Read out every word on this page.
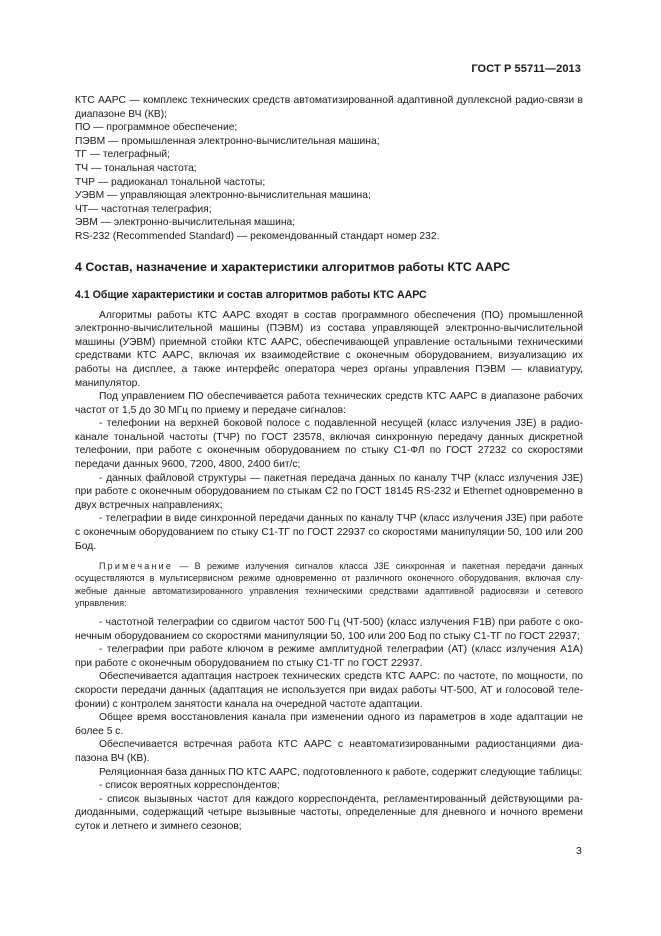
ГОСТ Р 55711—2013

КТС ААРС — комплекс технических средств автоматизированной адаптивной дуплексной радио-связи в диапазоне ВЧ (КВ);

ПО — программное обеспечение;

ПЭВМ — промышленная электронно-вычислительная машина;

ТГ — телеграфный;

ТЧ — тональная частота;

ТЧР — радиоканал тональной частоты;

УЭВМ — управляющая электронно-вычислительная машина;

ЧТ— частотная телеграфия;

ЭВМ — электронно-вычислительная машина;

RS-232 (Recommended Standard) — рекомендованный стандарт номер 232.

4 Состав, назначение и характеристики алгоритмов работы КТС ААРС
4.1 Общие характеристики и состав алгоритмов работы КТС ААРС

Алгоритмы работы КТС ААРС входят в состав программного обеспечения (ПО) промышленной электронно-вычислительной машины (ПЭВМ) из состава управляющей электронно-вычислительной машины (УЭВМ) приемной стойки КТС ААРС, обеспечивающей управление остальными техническими средствами КТС ААРС, включая их взаимодействие с оконечным оборудованием, визуализацию их работы на дисплее, а также интерфейс оператора через органы управления ПЭВМ — клавиатуру, манипулятор.

Под управлением ПО обеспечивается работа технических средств КТС ААРС в диапазоне рабочих частот от 1,5 до 30 МГц по приему и передаче сигналов:

- телефонии на верхней боковой полосе с подавленной несущей (класс излучения J3E) в радиоканале тональной частоты (ТЧР) по ГОСТ 23578, включая синхронную передачу данных дискретной телефонии, при работе с оконечным оборудованием по стыку С1-ФЛ по ГОСТ 27232 со скоростями передачи данных 9600, 7200, 4800, 2400 бит/с;

- данных файловой структуры — пакетная передача данных по каналу ТЧР (класс излучения J3E) при работе с оконечным оборудованием по стыкам С2 по ГОСТ 18145 RS-232 и Ethernet одновременно в двух встречных направлениях;

- телеграфии в виде синхронной передачи данных по каналу ТЧР (класс излучения J3E) при работе с оконечным оборудованием по стыку С1-ТГ по ГОСТ 22937 со скоростями манипуляции 50, 100 или 200 Бод.

Примечание — В режиме излучения сигналов класса J3E синхронная и пакетная передачи данных осуществляются в мультисервисном режиме одновременно от различного оконечного оборудования, включая служебные данные автоматизированного управления техническими средствами адаптивной радиосвязи и сетевого управления:

- частотной телеграфии со сдвигом частот 500 Гц (ЧТ-500) (класс излучения F1B) при работе с оконечным оборудованием со скоростями манипуляции 50, 100 или 200 Бод по стыку С1-ТГ по ГОСТ 22937;

- телеграфии при работе ключом в режиме амплитудной телеграфии (АТ) (класс излучения А1А) при работе с оконечным оборудованием по стыку С1-ТГ по ГОСТ 22937.

Обеспечивается адаптация настроек технических средств КТС ААРС: по частоте, по мощности, по скорости передачи данных (адаптация не используется при видах работы ЧТ-500, АТ и голосовой телефонии) с контролем занятости канала на очередной частоте адаптации.

Общее время восстановления канала при изменении одного из параметров в ходе адаптации не более 5 с.

Обеспечивается встречная работа КТС ААРС с неавтоматизированными радиостанциями диапазона ВЧ (КВ).

Реляционная база данных ПО КТС ААРС, подготовленного к работе, содержит следующие таблицы:

- список вероятных корреспондентов;

- список вызывных частот для каждого корреспондента, регламентированный действующими радиоданными, содержащий четыре вызывные частоты, определенные для дневного и ночного времени суток и летнего и зимнего сезонов;

3
